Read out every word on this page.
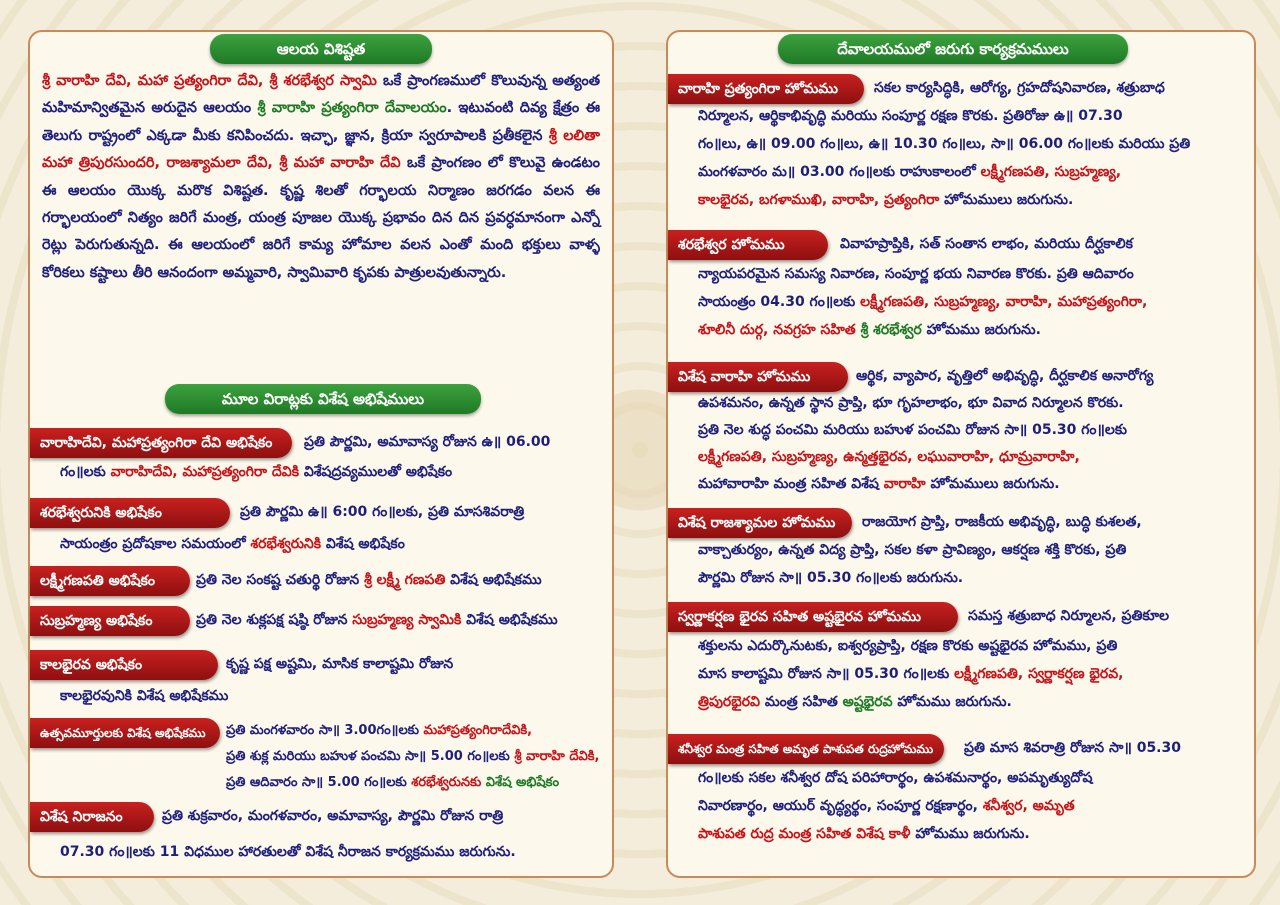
ఆలయ విశిష్టత
శ్రీ వారాహి దేవి, మహా ప్రత్యంగిరా దేవి, శ్రీ శరభేశ్వర స్వామి ఒకే ప్రాంగణములో కొలువున్న అత్యంత మహిమాన్వితమైన అరుదైన ఆలయం శ్రీ వారాహి ప్రత్యంగిరా దేవాలయం. ఇటువంటి దివ్య క్షేత్రం ఈ తెలుగు రాష్ట్రంలో ఎక్కడా మీకు కనిపించదు. ఇచ్ఛా, జ్ఞాన, క్రియా స్వరూపాలకి ప్రతీకలైన శ్రీ లలితా మహా త్రిపురసుందరి, రాజశ్యామలా దేవి, శ్రీ మహా వారాహి దేవి ఒకే ప్రాంగణం లో కొలువై ఉండటం ఈ ఆలయం యొక్క మరొక విశిష్టత. కృష్ణ శిలతో గర్భాలయ నిర్మాణం జరగడం వలన ఈ గర్భాలయంలో నిత్యం జరిగే మంత్ర, యంత్ర పూజల యొక్క ప్రభావం దిన దిన ప్రవర్ధమానంగా ఎన్నో రెట్లు పెరుగుతున్నది. ఈ ఆలయంలో జరిగే కామ్య హోమాల వలన ఎంతో మంది భక్తులు వాళ్ళ కోరికలు కష్టాలు తీరి ఆనందంగా అమ్మవారి, స్వామివారి కృపకు పాత్రులవుతున్నారు.
మూల విరాట్లకు విశేష అభిషేములు
వారాహిదేవి, మహాప్రత్యంగిరా దేవి అభిషేకం	ప్రతి పౌర్ణమి, అమావాస్య రోజున ఉ॥ 06.00

గం॥లకు వారాహిదేవి, మహాప్రత్యంగిరా దేవికి విశేషద్రవ్యములతో అభిషేకం

శరభేశ్వరునికి అభిషేకం	ప్రతి పౌర్ణమి ఉ॥ 6:00 గం॥లకు, ప్రతి మాసశివరాత్రి

సాయంత్రం ప్రదోషకాల సమయంలో శరభేశ్వరునికి విశేష అభిషేకం

లక్ష్మీగణపతి అభిషేకం	ప్రతి నెల సంకష్ట చతుర్థి రోజున శ్రీ లక్ష్మీ గణపతి విశేష అభిషేకము

సుబ్రహ్మణ్య అభిషేకం	ప్రతి నెల శుక్లపక్ష షష్ఠి రోజున సుబ్రహ్మణ్య స్వామికి విశేష అభిషేకము

కాలభైరవ అభిషేకం	కృష్ణ పక్ష అష్టమి, మాసిక కాలాష్టమి రోజున

కాలభైరవునికి విశేష అభిషేకము

ఉత్సవమూర్తులకు విశేష అభిషేకము	ప్రతి మంగళవారం సా॥ 3.00గం॥లకు మహాప్రత్యంగిరాదేవికి,

ప్రతి శుక్ల మరియు బహుళ పంచమి సా॥ 5.00 గం॥లకు శ్రీ వారాహి దేవికి,

ప్రతి ఆదివారం సా॥ 5.00 గం॥లకు శరభేశ్వరునకు విశేష అభిషేకం

విశేష నిరాజనం	ప్రతి శుక్రవారం, మంగళవారం, అమావాస్య, పౌర్ణమి రోజున రాత్రి

07.30 గం॥లకు 11 విధముల హారతులతో విశేష నీరాజన కార్యక్రమము జరుగును.

దేవాలయములో జరుగు కార్యక్రమములు
వారాహి ప్రత్యంగిరా హోమము	సకల కార్యసిద్ధికి, ఆరోగ్య, గ్రహదోషనివారణ, శత్రుబాధ

నిర్మూలన, ఆర్థికాభివృద్ధి మరియు సంపూర్ణ రక్షణ కొరకు. ప్రతిరోజు ఉ॥ 07.30

గం॥లు, ఉ॥ 09.00 గం॥లు, ఉ॥ 10.30 గం॥లు, సా॥ 06.00 గం॥లకు మరియు ప్రతి

మంగళవారం మ॥ 03.00 గం॥లకు రాహుకాలంలో లక్ష్మీగణపతి, సుబ్రహ్మణ్య,

కాలభైరవ, బగళాముఖి, వారాహి, ప్రత్యంగిరా హోమములు జరుగును.

శరభేశ్వర హోమము	వివాహప్రాప్తికి, సత్ సంతాన లాభం, మరియు దీర్ఘకాలిక

న్యాయపరమైన సమస్య నివారణ, సంపూర్ణ భయ నివారణ కొరకు. ప్రతి ఆదివారం

సాయంత్రం 04.30 గం॥లకు లక్ష్మీగణపతి, సుబ్రహ్మణ్య, వారాహి, మహాప్రత్యంగిరా,

శూలినీ దుర్గ, నవగ్రహ సహిత శ్రీ శరభేశ్వర హోమము జరుగును.

విశేష వారాహి హోమము	ఆర్థిక, వ్యాపార, వృత్తిలో అభివృద్ధి, దీర్ఘకాలిక అనారోగ్య

ఉపశమనం, ఉన్నత స్థాన ప్రాప్తి, భూ గృహలాభం, భూ వివాద నిర్మూలన కొరకు.

ప్రతి నెల శుద్ధ పంచమి మరియు బహుళ పంచమి రోజున సా॥ 05.30 గం॥లకు

లక్ష్మీగణపతి, సుబ్రహ్మణ్య, ఉన్మత్తభైరవ, లఘువారాహి, ధూమ్రవారాహి,

మహావారాహి మంత్ర సహిత విశేష వారాహి హోమములు జరుగును.

విశేష రాజశ్యామల హోమము	రాజయోగ ప్రాప్తి, రాజకీయ అభివృద్ధి, బుద్ధి కుశలత,

వాక్చాతుర్యం, ఉన్నత విద్య ప్రాప్తి, సకల కళా ప్రావిణ్యం, ఆకర్షణ శక్తి కొరకు, ప్రతి

పౌర్ణమి రోజున సా॥ 05.30 గం॥లకు జరుగును.

స్వర్ణాకర్షణ భైరవ సహిత అష్టభైరవ హోమము	సమస్త శత్రుబాధ నిర్మూలన, ప్రతికూల

శక్తులను ఎదుర్కొనుటకు, ఐశ్వర్యప్రాప్తి, రక్షణ కొరకు అష్టభైరవ హోమము, ప్రతి

మాస కాలాష్టమి రోజున సా॥ 05.30 గం॥లకు లక్ష్మీగణపతి, స్వర్ణాకర్షణ భైరవ,

త్రిపురభైరవి మంత్ర సహిత అష్టభైరవ హోమము జరుగును.

శనీశ్వర మంత్ర సహిత అమృత పాశుపత రుద్రహోమము	ప్రతి మాస శివరాత్రి రోజున సా॥ 05.30

గం॥లకు సకల శనీశ్వర దోష పరిహారార్థం, ఉపశమనార్థం, అపమృత్యుదోష

నివారణార్థం, ఆయుర్ వృద్ధ్యర్థం, సంపూర్ణ రక్షణార్థం, శనీశ్వర, అమృత

పాశుపత రుద్ర మంత్ర సహిత విశేష కాళీ హోమము జరుగును.
